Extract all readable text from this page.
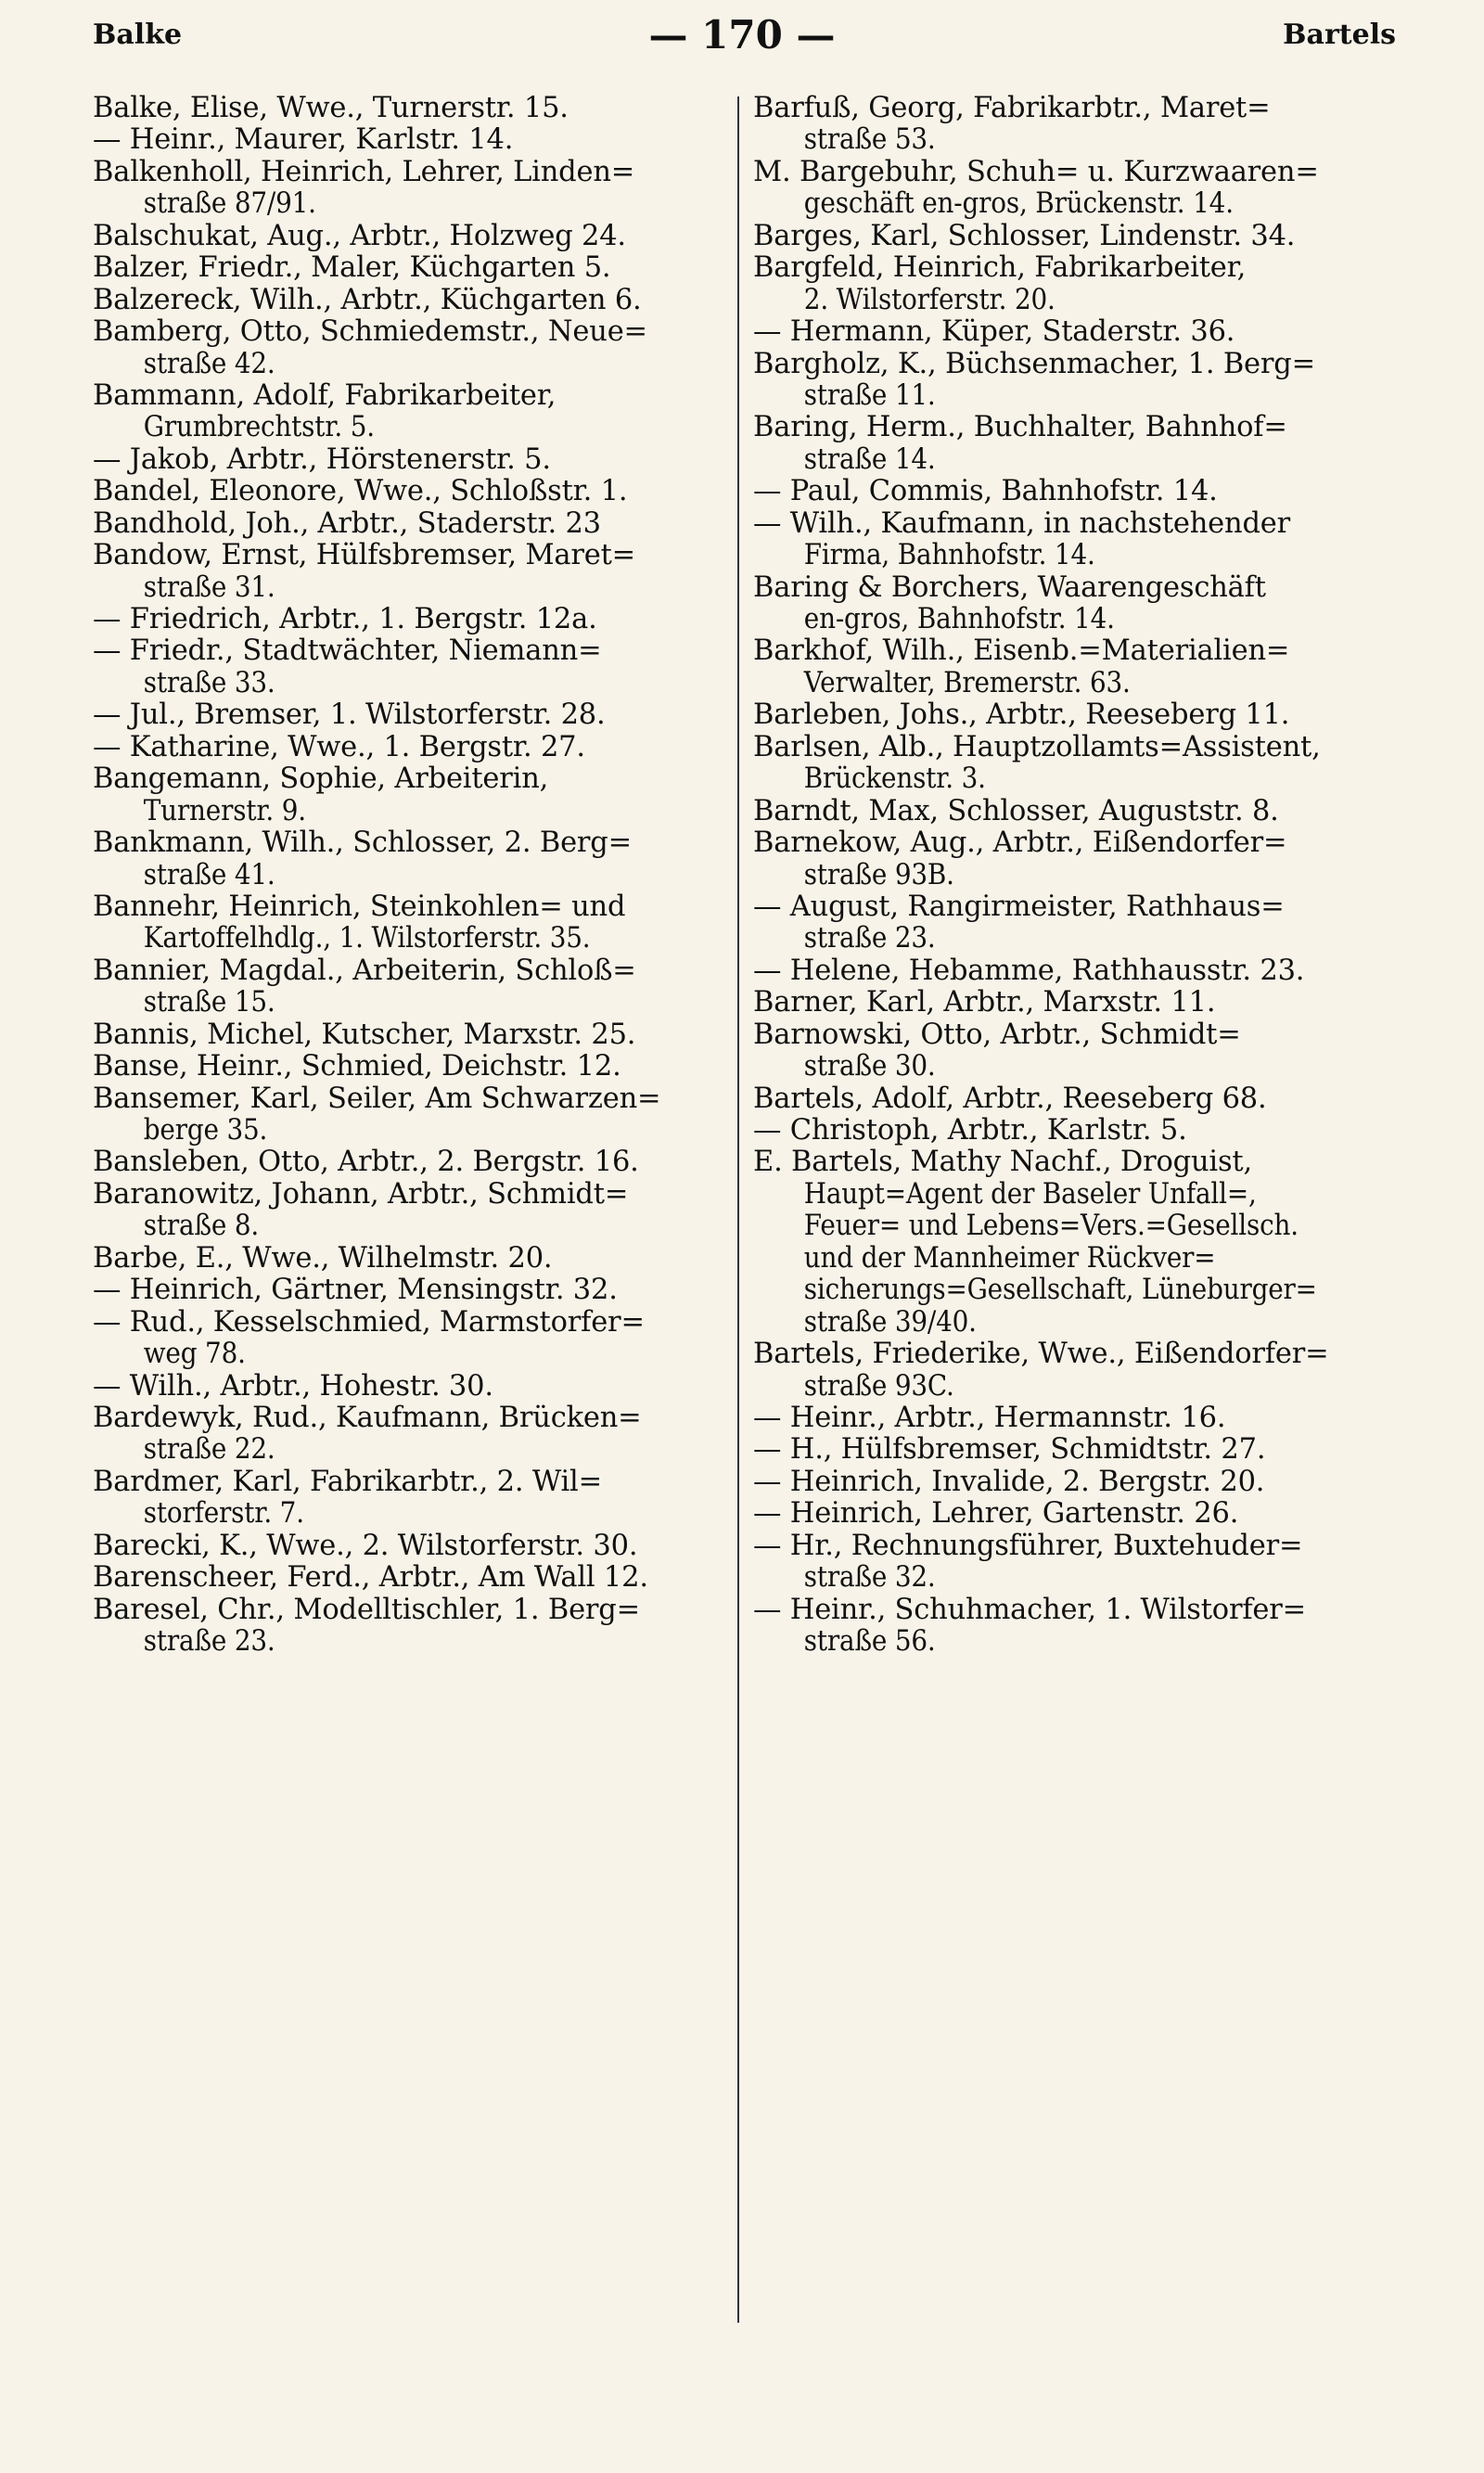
Balke	— 170 —	Bartels
Balke, Elise, Wwe., Turnerstr. 15.
— Heinr., Maurer, Karlstr. 14.
Balkenholl, Heinrich, Lehrer, Linden=
straße 87/91.
Balschukat, Aug., Arbtr., Holzweg 24.
Balzer, Friedr., Maler, Küchgarten 5.
Balzereck, Wilh., Arbtr., Küchgarten 6.
Bamberg, Otto, Schmiedemstr., Neue=
straße 42.
Bammann, Adolf, Fabrikarbeiter,
Grumbrechtstr. 5.
— Jakob, Arbtr., Hörstenerstr. 5.
Bandel, Eleonore, Wwe., Schloßstr. 1.
Bandhold, Joh., Arbtr., Staderstr. 23
Bandow, Ernst, Hülfsbremser, Maret=
straße 31.
— Friedrich, Arbtr., 1. Bergstr. 12a.
— Friedr., Stadtwächter, Niemann=
straße 33.
— Jul., Bremser, 1. Wilstorferstr. 28.
— Katharine, Wwe., 1. Bergstr. 27.
Bangemann, Sophie, Arbeiterin,
Turnerstr. 9.
Bankmann, Wilh., Schlosser, 2. Berg=
straße 41.
Bannehr, Heinrich, Steinkohlen= und
Kartoffelhdlg., 1. Wilstorferstr. 35.
Bannier, Magdal., Arbeiterin, Schloß=
straße 15.
Bannis, Michel, Kutscher, Marxstr. 25.
Banse, Heinr., Schmied, Deichstr. 12.
Bansemer, Karl, Seiler, Am Schwarzen=
berge 35.
Bansleben, Otto, Arbtr., 2. Bergstr. 16.
Baranowitz, Johann, Arbtr., Schmidt=
straße 8.
Barbe, E., Wwe., Wilhelmstr. 20.
— Heinrich, Gärtner, Mensingstr. 32.
— Rud., Kesselschmied, Marmstorfer=
weg 78.
— Wilh., Arbtr., Hohestr. 30.
Bardewyk, Rud., Kaufmann, Brücken=
straße 22.
Bardmer, Karl, Fabrikarbtr., 2. Wil=
storferstr. 7.
Barecki, K., Wwe., 2. Wilstorferstr. 30.
Barenscheer, Ferd., Arbtr., Am Wall 12.
Baresel, Chr., Modelltischler, 1. Berg=
straße 23.
Barfuß, Georg, Fabrikarbtr., Maret=
straße 53.
M. Bargebuhr, Schuh= u. Kurzwaaren=
geschäft en-gros, Brückenstr. 14.
Barges, Karl, Schlosser, Lindenstr. 34.
Bargfeld, Heinrich, Fabrikarbeiter,
2. Wilstorferstr. 20.
— Hermann, Küper, Staderstr. 36.
Bargholz, K., Büchsenmacher, 1. Berg=
straße 11.
Baring, Herm., Buchhalter, Bahnhof=
straße 14.
— Paul, Commis, Bahnhofstr. 14.
— Wilh., Kaufmann, in nachstehender
Firma, Bahnhofstr. 14.
Baring & Borchers, Waarengeschäft
en-gros, Bahnhofstr. 14.
Barkhof, Wilh., Eisenb.=Materialien=
Verwalter, Bremerstr. 63.
Barleben, Johs., Arbtr., Reeseberg 11.
Barlsen, Alb., Hauptzollamts=Assistent,
Brückenstr. 3.
Barndt, Max, Schlosser, Auguststr. 8.
Barnekow, Aug., Arbtr., Eißendorfer=
straße 93B.
— August, Rangirmeister, Rathhaus=
straße 23.
— Helene, Hebamme, Rathhausstr. 23.
Barner, Karl, Arbtr., Marxstr. 11.
Barnowski, Otto, Arbtr., Schmidt=
straße 30.
Bartels, Adolf, Arbtr., Reeseberg 68.
— Christoph, Arbtr., Karlstr. 5.
E. Bartels, Mathy Nachf., Droguist,
Haupt=Agent der Baseler Unfall=,
Feuer= und Lebens=Vers.=Gesellsch.
und der Mannheimer Rückver=
sicherungs=Gesellschaft, Lüneburger=
straße 39/40.
Bartels, Friederike, Wwe., Eißendorfer=
straße 93C.
— Heinr., Arbtr., Hermannstr. 16.
— H., Hülfsbremser, Schmidtstr. 27.
— Heinrich, Invalide, 2. Bergstr. 20.
— Heinrich, Lehrer, Gartenstr. 26.
— Hr., Rechnungsführer, Buxtehuder=
straße 32.
— Heinr., Schuhmacher, 1. Wilstorfer=
straße 56.
